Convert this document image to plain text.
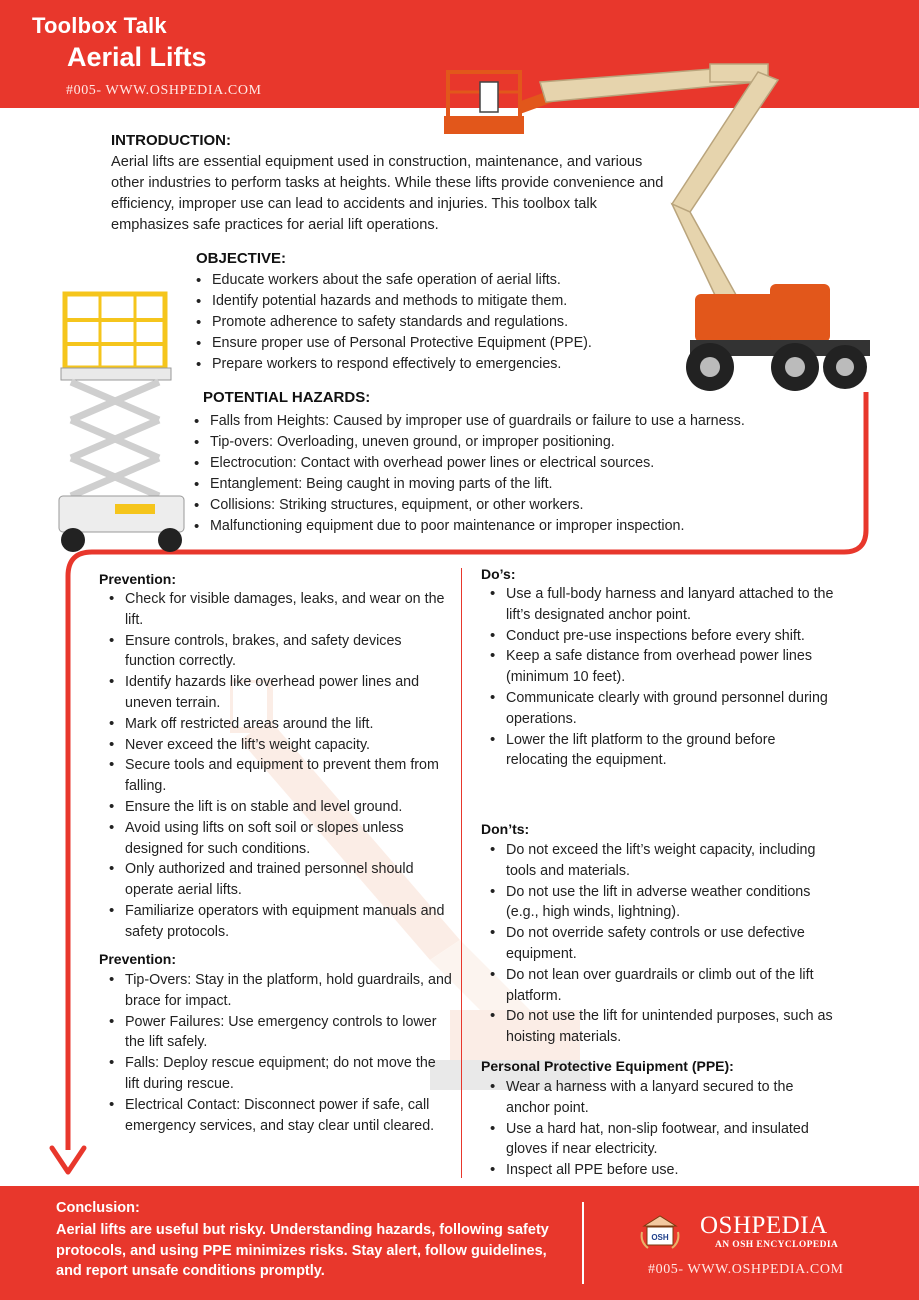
Toolbox Talk
Aerial Lifts
#005- WWW.OSHPEDIA.COM
INTRODUCTION:
Aerial lifts are essential equipment used in construction, maintenance, and various other industries to perform tasks at heights. While these lifts provide convenience and efficiency, improper use can lead to accidents and injuries. This toolbox talk emphasizes safe practices for aerial lift operations.
OBJECTIVE:
• Educate workers about the safe operation of aerial lifts.
• Identify potential hazards and methods to mitigate them.
• Promote adherence to safety standards and regulations.
• Ensure proper use of Personal Protective Equipment (PPE).
• Prepare workers to respond effectively to emergencies.
POTENTIAL HAZARDS:
• Falls from Heights: Caused by improper use of guardrails or failure to use a harness.
• Tip-overs: Overloading, uneven ground, or improper positioning.
• Electrocution: Contact with overhead power lines or electrical sources.
• Entanglement: Being caught in moving parts of the lift.
• Collisions: Striking structures, equipment, or other workers.
• Malfunctioning equipment due to poor maintenance or improper inspection.
Prevention:
• Check for visible damages, leaks, and wear on the lift.
• Ensure controls, brakes, and safety devices function correctly.
• Identify hazards like overhead power lines and uneven terrain.
• Mark off restricted areas around the lift.
• Never exceed the lift’s weight capacity.
• Secure tools and equipment to prevent them from falling.
• Ensure the lift is on stable and level ground.
• Avoid using lifts on soft soil or slopes unless designed for such conditions.
• Only authorized and trained personnel should operate aerial lifts.
• Familiarize operators with equipment manuals and safety protocols.
Prevention:
• Tip-Overs: Stay in the platform, hold guardrails, and brace for impact.
• Power Failures: Use emergency controls to lower the lift safely.
• Falls: Deploy rescue equipment; do not move the lift during rescue.
• Electrical Contact: Disconnect power if safe, call emergency services, and stay clear until cleared.
Do’s:
• Use a full-body harness and lanyard attached to the lift’s designated anchor point.
• Conduct pre-use inspections before every shift.
• Keep a safe distance from overhead power lines (minimum 10 feet).
• Communicate clearly with ground personnel during operations.
• Lower the lift platform to the ground before relocating the equipment.
Don’ts:
• Do not exceed the lift’s weight capacity, including tools and materials.
• Do not use the lift in adverse weather conditions (e.g., high winds, lightning).
• Do not override safety controls or use defective equipment.
• Do not lean over guardrails or climb out of the lift platform.
• Do not use the lift for unintended purposes, such as hoisting materials.
Personal Protective Equipment (PPE):
• Wear a harness with a lanyard secured to the anchor point.
• Use a hard hat, non-slip footwear, and insulated gloves if near electricity.
• Inspect all PPE before use.
Conclusion:
Aerial lifts are useful but risky. Understanding hazards, following safety protocols, and using PPE minimizes risks. Stay alert, follow guidelines, and report unsafe conditions promptly.
OSH OSHPEDIA
AN OSH ENCYCLOPEDIA
#005- WWW.OSHPEDIA.COM
